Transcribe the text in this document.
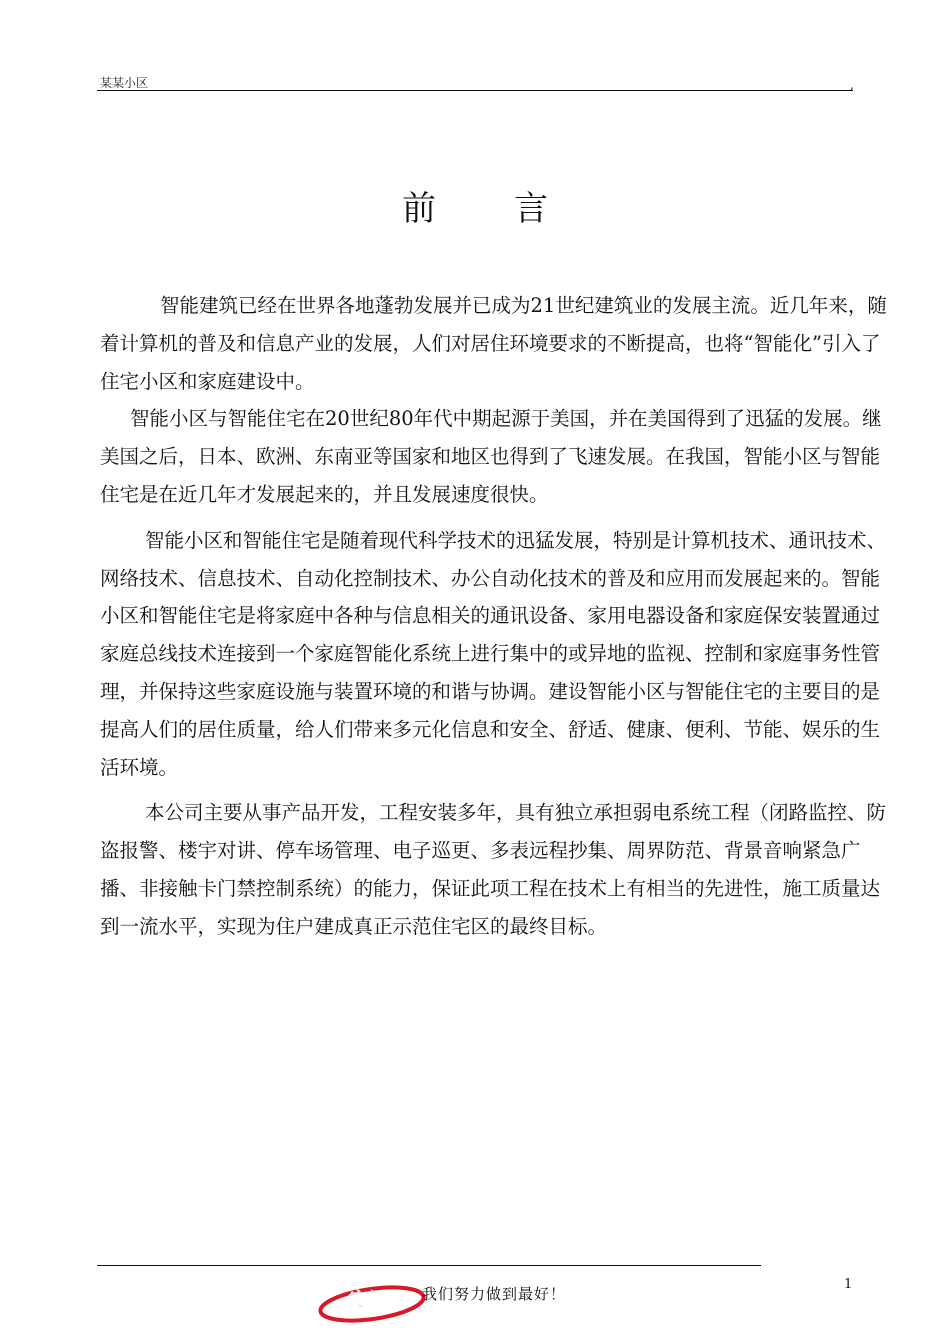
某某小区	,
前言

智能建筑已经在世界各地蓬勃发展并已成为21世纪建筑业的发展主流。近几年来，随着计算机的普及和信息产业的发展，人们对居住环境要求的不断提高，也将“智能化”引入了住宅小区和家庭建设中。

智能小区与智能住宅在20世纪80年代中期起源于美国，并在美国得到了迅猛的发展。继美国之后，日本、欧洲、东南亚等国家和地区也得到了飞速发展。在我国，智能小区与智能住宅是在近几年才发展起来的，并且发展速度很快。

智能小区和智能住宅是随着现代科学技术的迅猛发展，特别是计算机技术、通讯技术、网络技术、信息技术、自动化控制技术、办公自动化技术的普及和应用而发展起来的。智能小区和智能住宅是将家庭中各种与信息相关的通讯设备、家用电器设备和家庭保安装置通过家庭总线技术连接到一个家庭智能化系统上进行集中的或异地的监视、控制和家庭事务性管理，并保持这些家庭设施与装置环境的和谐与协调。建设智能小区与智能住宅的主要目的是提高人们的居住质量，给人们带来多元化信息和安全、舒适、健康、便利、节能、娱乐的生活环境。

本公司主要从事产品开发，工程安装多年，具有独立承担弱电系统工程（闭路监控、防盗报警、楼宇对讲、停车场管理、电子巡更、多表远程抄集、周界防范、背景音响紧急广播、非接触卡门禁控制系统）的能力，保证此项工程在技术上有相当的先进性，施工质量达到一流水平，实现为住户建成真正示范住宅区的最终目标。

安居宝 我们努力做到最好！
1
